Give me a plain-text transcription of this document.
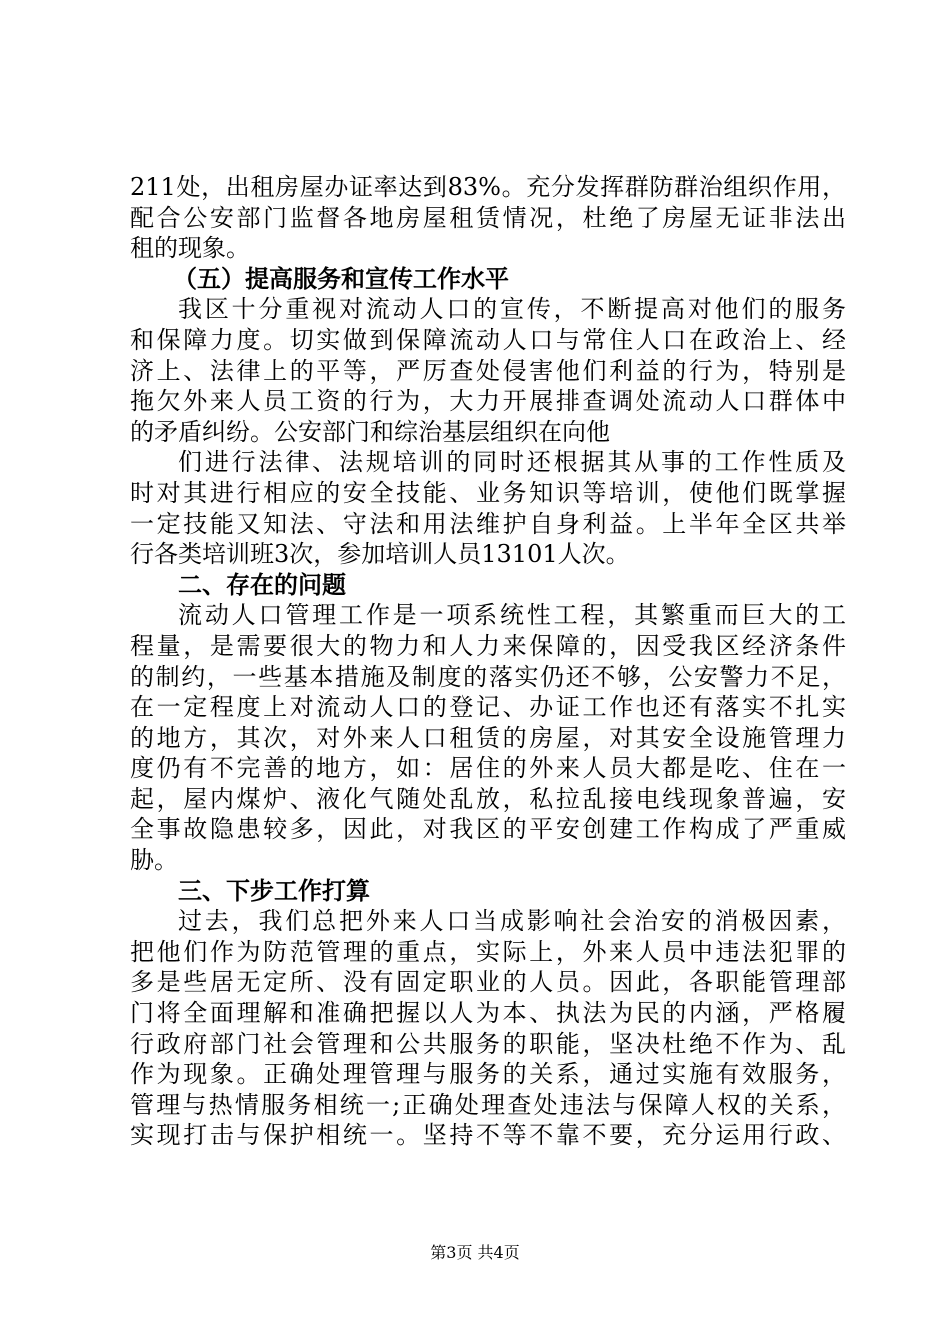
211处，出租房屋办证率达到83%。充分发挥群防群治组织作用，
配合公安部门监督各地房屋租赁情况，杜绝了房屋无证非法出
租的现象。
（五）提高服务和宣传工作水平
我区十分重视对流动人口的宣传，不断提高对他们的服务
和保障力度。切实做到保障流动人口与常住人口在政治上、经
济上、法律上的平等，严厉查处侵害他们利益的行为，特别是
拖欠外来人员工资的行为，大力开展排查调处流动人口群体中
的矛盾纠纷。公安部门和综治基层组织在向他
们进行法律、法规培训的同时还根据其从事的工作性质及
时对其进行相应的安全技能、业务知识等培训，使他们既掌握
一定技能又知法、守法和用法维护自身利益。上半年全区共举
行各类培训班3次，参加培训人员13101人次。
二、存在的问题
流动人口管理工作是一项系统性工程，其繁重而巨大的工
程量，是需要很大的物力和人力来保障的，因受我区经济条件
的制约，一些基本措施及制度的落实仍还不够，公安警力不足，
在一定程度上对流动人口的登记、办证工作也还有落实不扎实
的地方，其次，对外来人口租赁的房屋，对其安全设施管理力
度仍有不完善的地方，如：居住的外来人员大都是吃、住在一
起，屋内煤炉、液化气随处乱放，私拉乱接电线现象普遍，安
全事故隐患较多，因此，对我区的平安创建工作构成了严重威
胁。
三、下步工作打算
过去，我们总把外来人口当成影响社会治安的消极因素，
把他们作为防范管理的重点，实际上，外来人员中违法犯罪的
多是些居无定所、没有固定职业的人员。因此，各职能管理部
门将全面理解和准确把握以人为本、执法为民的内涵，严格履
行政府部门社会管理和公共服务的职能，坚决杜绝不作为、乱
作为现象。正确处理管理与服务的关系，通过实施有效服务，
管理与热情服务相统一;正确处理查处违法与保障人权的关系，
实现打击与保护相统一。坚持不等不靠不要，充分运用行政、
第3页 共4页
